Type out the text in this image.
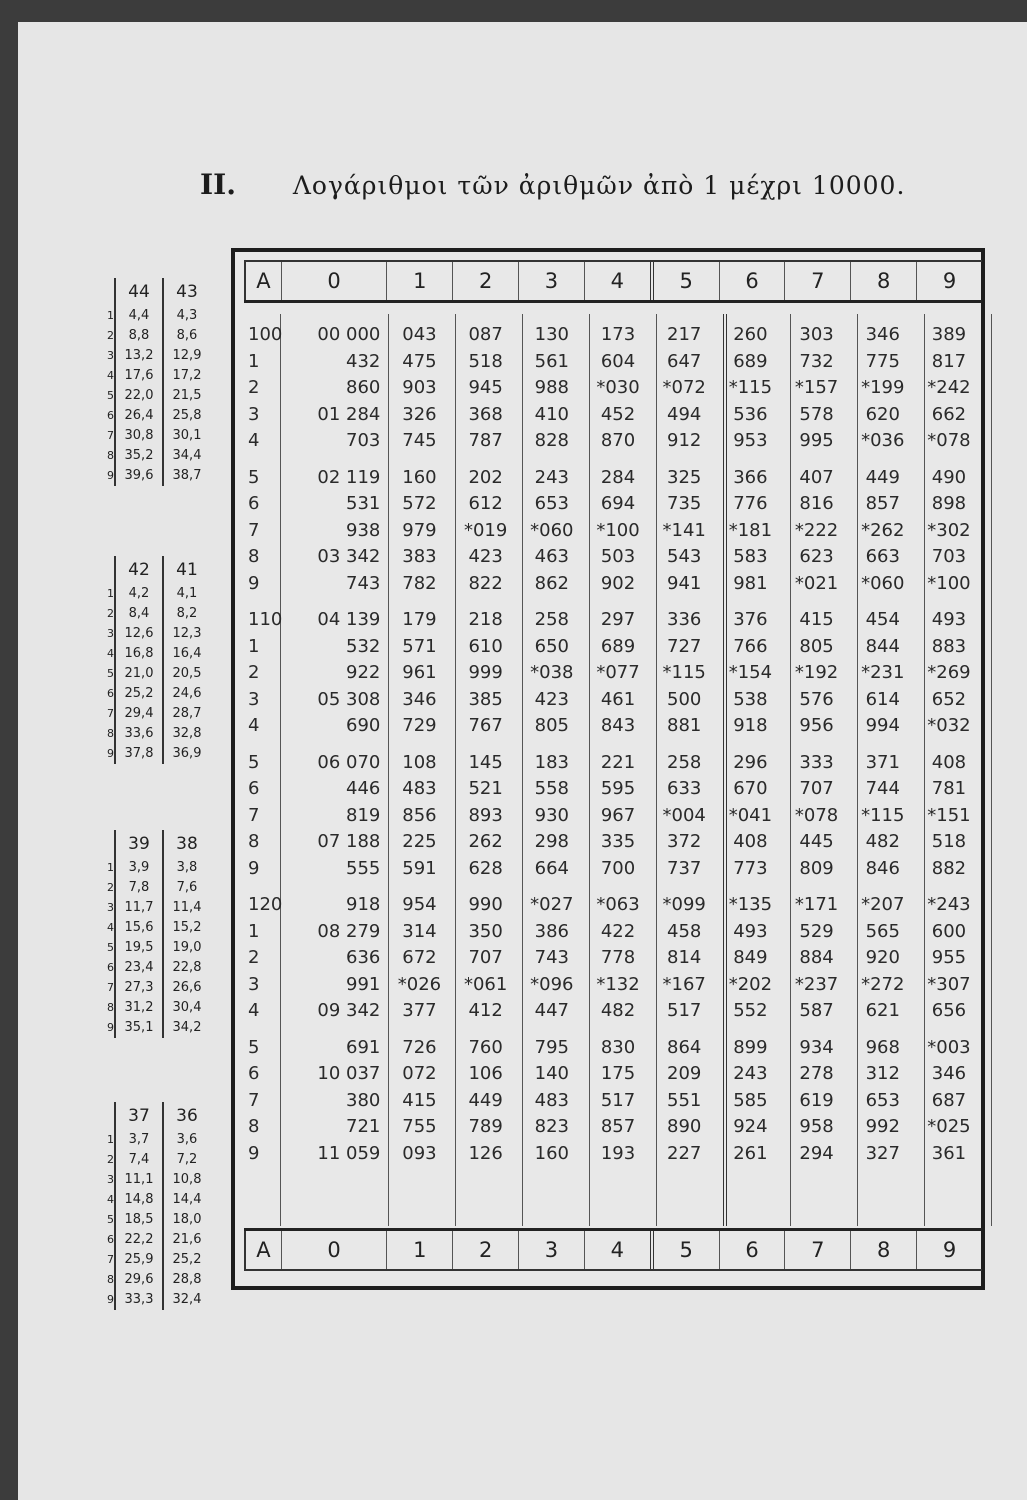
II. Λογάριθμοι τῶν ἀριθμῶν ἀπὸ 1 μέχρι 10000.
44	43
1	4,4	4,3
2	8,8	8,6
3 13,2	12,9
4 17,6	17,2
5 22,0	21,5
6 26,4	25,8
7 30,8	30,1
8 35,2	34,4
9 39,6	38,7
42	41
1	4,2	4,1
2	8,4	8,2
3 12,6	12,3
4 16,8	16,4
5 21,0	20,5
6 25,2	24,6
7 29,4	28,7
8 33,6	32,8
9 37,8	36,9
39	38
1	3,9	3,8
2	7,8	7,6
3 11,7	11,4
4 15,6	15,2
5 19,5	19,0
6 23,4	22,8
7 27,3	26,6
8 31,2	30,4
9 35,1	34,2
37	36
1	3,7	3,6
2	7,4	7,2
3 11,1	10,8
4 14,8	14,4
5 18,5	18,0
6 22,2	21,6
7 25,9	25,2
8 29,6	28,8
9 33,3	32,4
A	0	1	2	3	4	5	6	7	8	9
100	00 000	043	087	130	173	217	260	303	346	389
1	432	475	518	561	604	647	689	732	775	817
2	860	903	945	988	*030	*072	*115	*157	*199	*242
3	01 284	326	368	410	452	494	536	578	620	662
4	703	745	787	828	870	912	953	995	*036	*078
5	02 119	160	202	243	284	325	366	407	449	490
6	531	572	612	653	694	735	776	816	857	898
7	938	979	*019	*060	*100	*141	*181	*222	*262	*302
8	03 342	383	423	463	503	543	583	623	663	703
9	743	782	822	862	902	941	981	*021	*060	*100
110	04 139	179	218	258	297	336	376	415	454	493
1	532	571	610	650	689	727	766	805	844	883
2	922	961	999	*038	*077	*115	*154	*192	*231	*269
3	05 308	346	385	423	461	500	538	576	614	652
4	690	729	767	805	843	881	918	956	994	*032
5	06 070	108	145	183	221	258	296	333	371	408
6	446	483	521	558	595	633	670	707	744	781
7	819	856	893	930	967	*004	*041	*078	*115	*151
8	07 188	225	262	298	335	372	408	445	482	518
9	555	591	628	664	700	737	773	809	846	882
120	918	954	990	*027	*063	*099	*135	*171	*207	*243
1	08 279	314	350	386	422	458	493	529	565	600
2	636	672	707	743	778	814	849	884	920	955
3	991 *026	*061	*096	*132	*167	*202	*237	*272	*307
4	09 342	377	412	447	482	517	552	587	621	656
5	691	726	760	795	830	864	899	934	968	*003
6	10 037	072	106	140	175	209	243	278	312	346
7	380	415	449	483	517	551	585	619	653	687
8	721	755	789	823	857	890	924	958	992	*025
9	11 059	093	126	160	193	227	261	294	327	361
A	0	1	2	3	4	5	6	7	8	9
